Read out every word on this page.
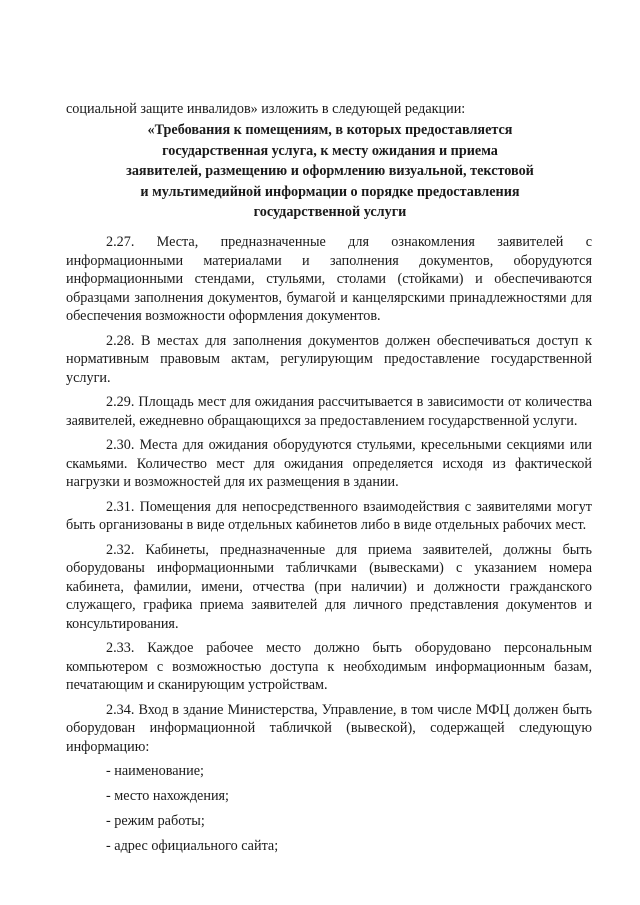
социальной защите инвалидов» изложить в следующей редакции:
«Требования к помещениям, в которых предоставляется
государственная услуга, к месту ожидания и приема
заявителей, размещению и оформлению визуальной, текстовой
и мультимедийной информации о порядке предоставления
государственной услуги

2.27. Места, предназначенные для ознакомления заявителей с информационными материалами и заполнения документов, оборудуются информационными стендами, стульями, столами (стойками) и обеспечиваются образцами заполнения документов, бумагой и канцелярскими принадлежностями для обеспечения возможности оформления документов.

2.28. В местах для заполнения документов должен обеспечиваться доступ к нормативным правовым актам, регулирующим предоставление государственной услуги.

2.29. Площадь мест для ожидания рассчитывается в зависимости от количества заявителей, ежедневно обращающихся за предоставлением государственной услуги.

2.30. Места для ожидания оборудуются стульями, кресельными секциями или скамьями. Количество мест для ожидания определяется исходя из фактической нагрузки и возможностей для их размещения в здании.

2.31. Помещения для непосредственного взаимодействия с заявителями могут быть организованы в виде отдельных кабинетов либо в виде отдельных рабочих мест.

2.32. Кабинеты, предназначенные для приема заявителей, должны быть оборудованы информационными табличками (вывесками) с указанием номера кабинета, фамилии, имени, отчества (при наличии) и должности гражданского служащего, графика приема заявителей для личного представления документов и консультирования.

2.33. Каждое рабочее место должно быть оборудовано персональным компьютером с возможностью доступа к необходимым информационным базам, печатающим и сканирующим устройствам.

2.34. Вход в здание Министерства, Управление, в том числе МФЦ должен быть оборудован информационной табличкой (вывеской), содержащей следующую информацию:

- наименование;
- место нахождения;
- режим работы;
- адрес официального сайта;
